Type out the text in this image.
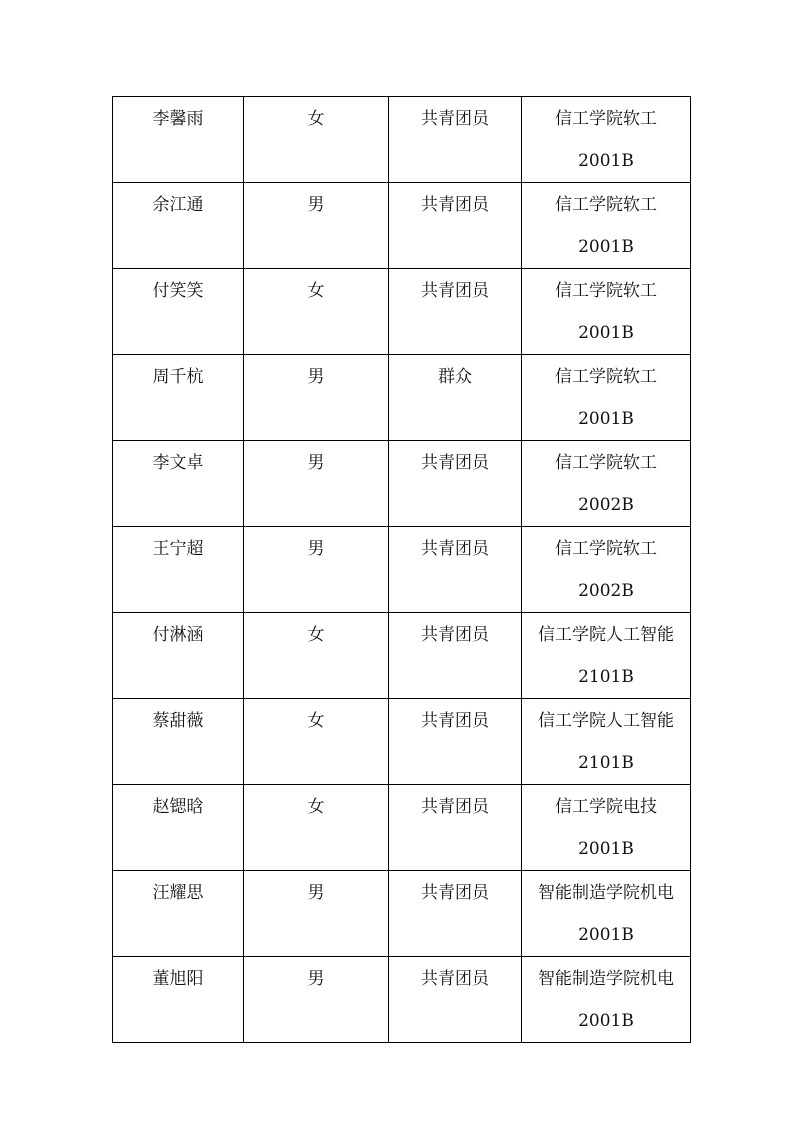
李馨雨	女	共青团员	信工学院软工
2001B

余江通	男	共青团员	信工学院软工
2001B

付笑笑	女	共青团员	信工学院软工
2001B

周千杭	男	群众	信工学院软工
2001B

李文卓	男	共青团员	信工学院软工
2002B

王宁超	男	共青团员	信工学院软工
2002B

付淋涵	女	共青团员	信工学院人工智能
2101B

蔡甜薇	女	共青团员	信工学院人工智能
2101B

赵锶晗	女	共青团员	信工学院电技
2001B

汪耀思	男	共青团员	智能制造学院机电
2001B

董旭阳	男	共青团员	智能制造学院机电
2001B
